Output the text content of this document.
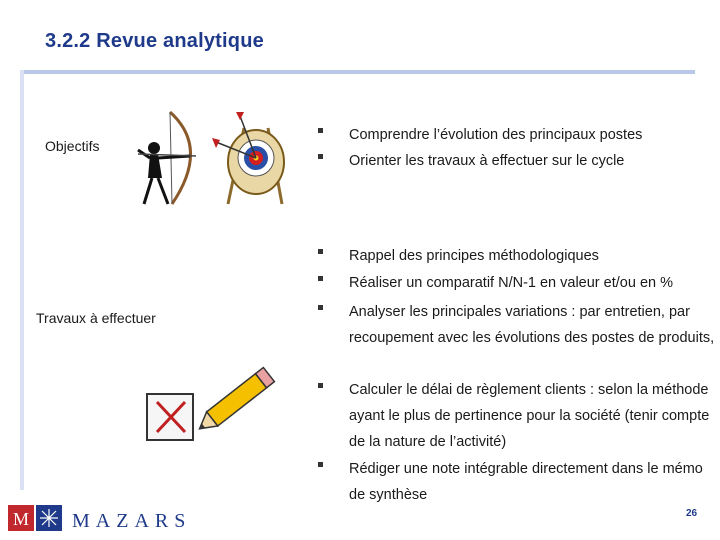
3.2.2 Revue analytique
Objectifs
Travaux à effectuer
Comprendre l’évolution des principaux postes
Orienter les travaux à effectuer sur le cycle
Rappel des principes méthodologiques
Réaliser un comparatif N/N-1 en valeur et/ou en %
Analyser les principales variations : par entretien, par recoupement avec les évolutions des postes de produits,
Calculer le délai de règlement clients : selon la méthode ayant le plus de pertinence pour la société (tenir compte de la nature de l’activité)
Rédiger une note intégrable directement dans le mémo de synthèse
M MAZARS	26
